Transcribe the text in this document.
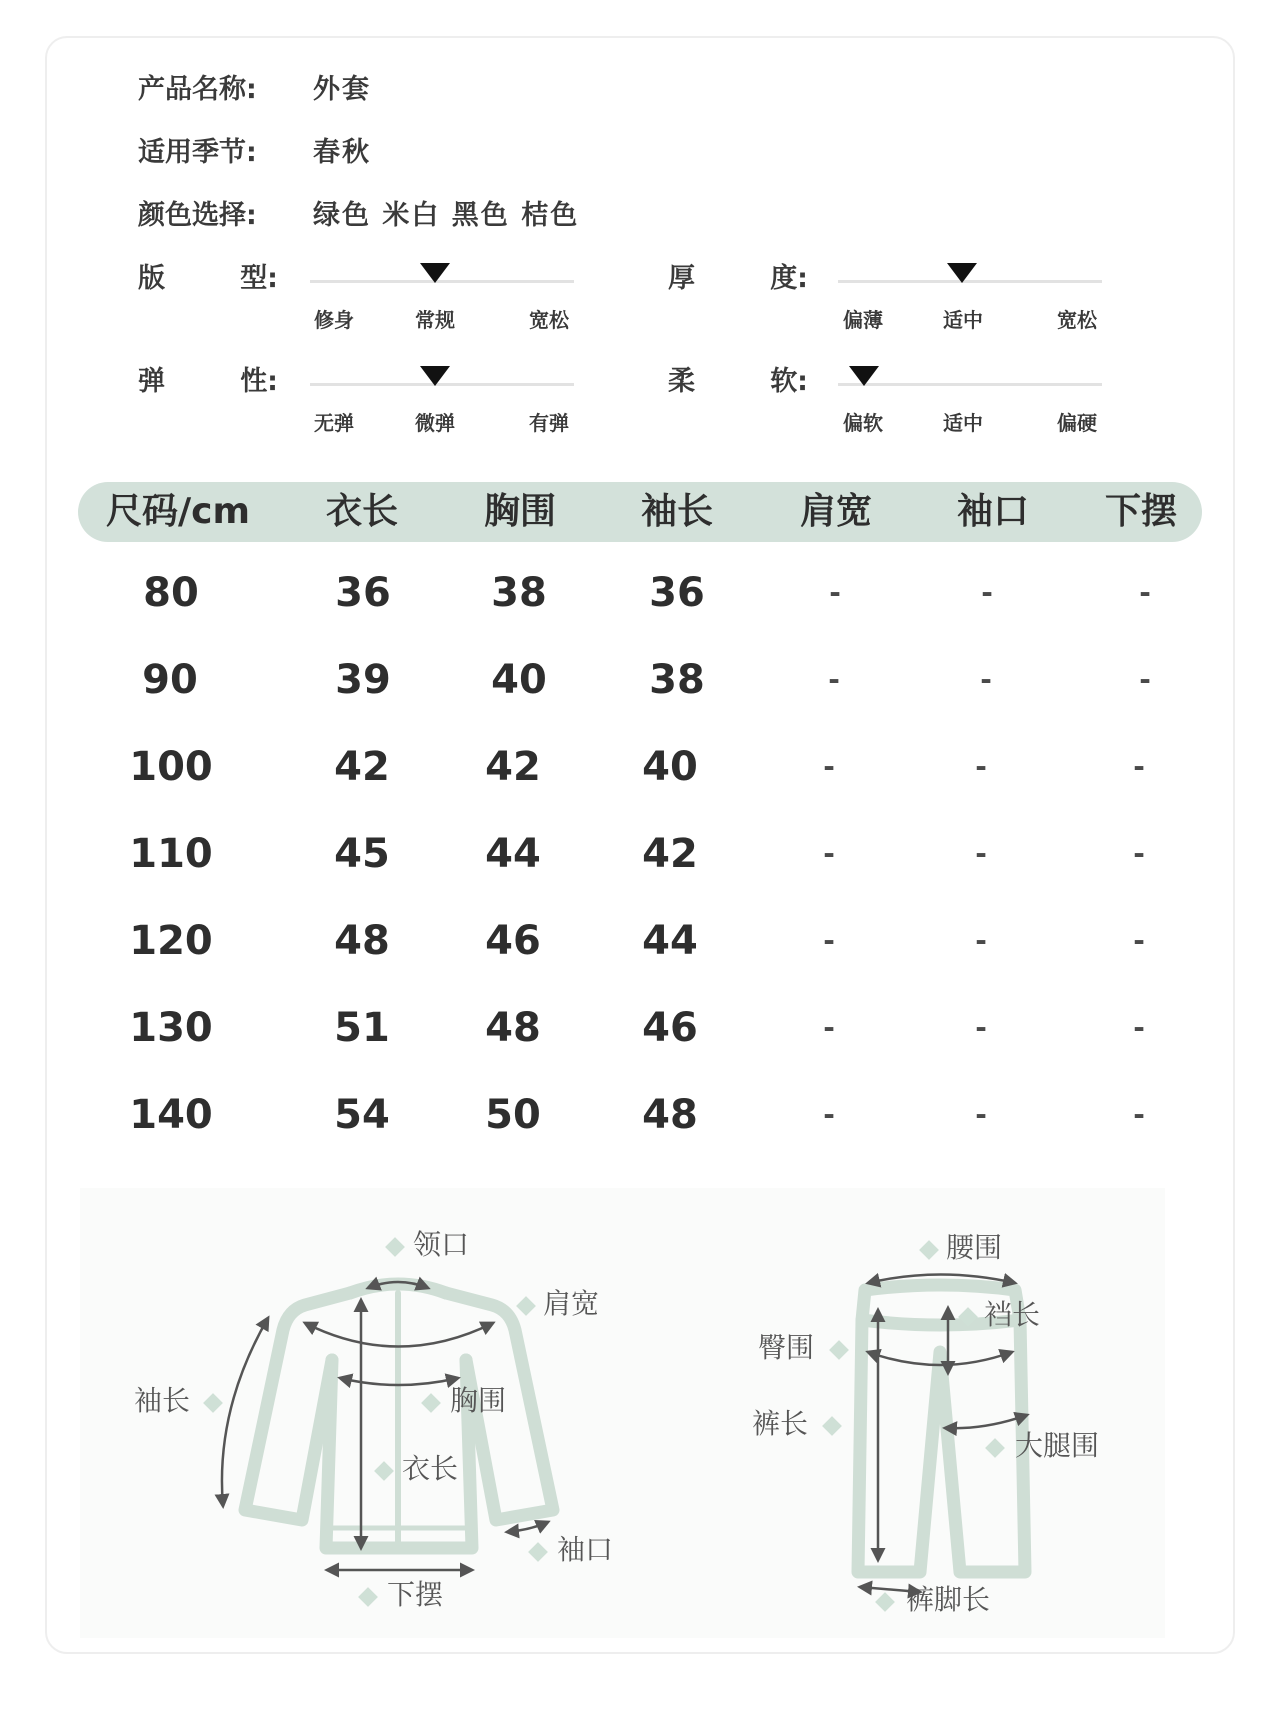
产品名称:	外套
适用季节:	春秋
颜色选择:	绿色 米白 黑色 桔色
版	型:
修身	常规	宽松
厚	度:
偏薄	适中	宽松
弹	性:
无弹	微弹	有弹
柔	软:
偏软	适中	偏硬
尺码/cm 衣长 胸围 袖长 肩宽 袖口 下摆
80	36	38	36	-	-	-
90	39	40	38	-	-	-
100	42 42	40	-	-	-
110	45 44	42	-	-	-
120	48 46	44	-	-	-
130	51 48	46	-	-	-
140	54 50	48	-	-	-
领口
肩宽
袖长	胸围
衣长
袖口
下摆
腰围
裆长
臀围
裤长
大腿围
裤脚长
